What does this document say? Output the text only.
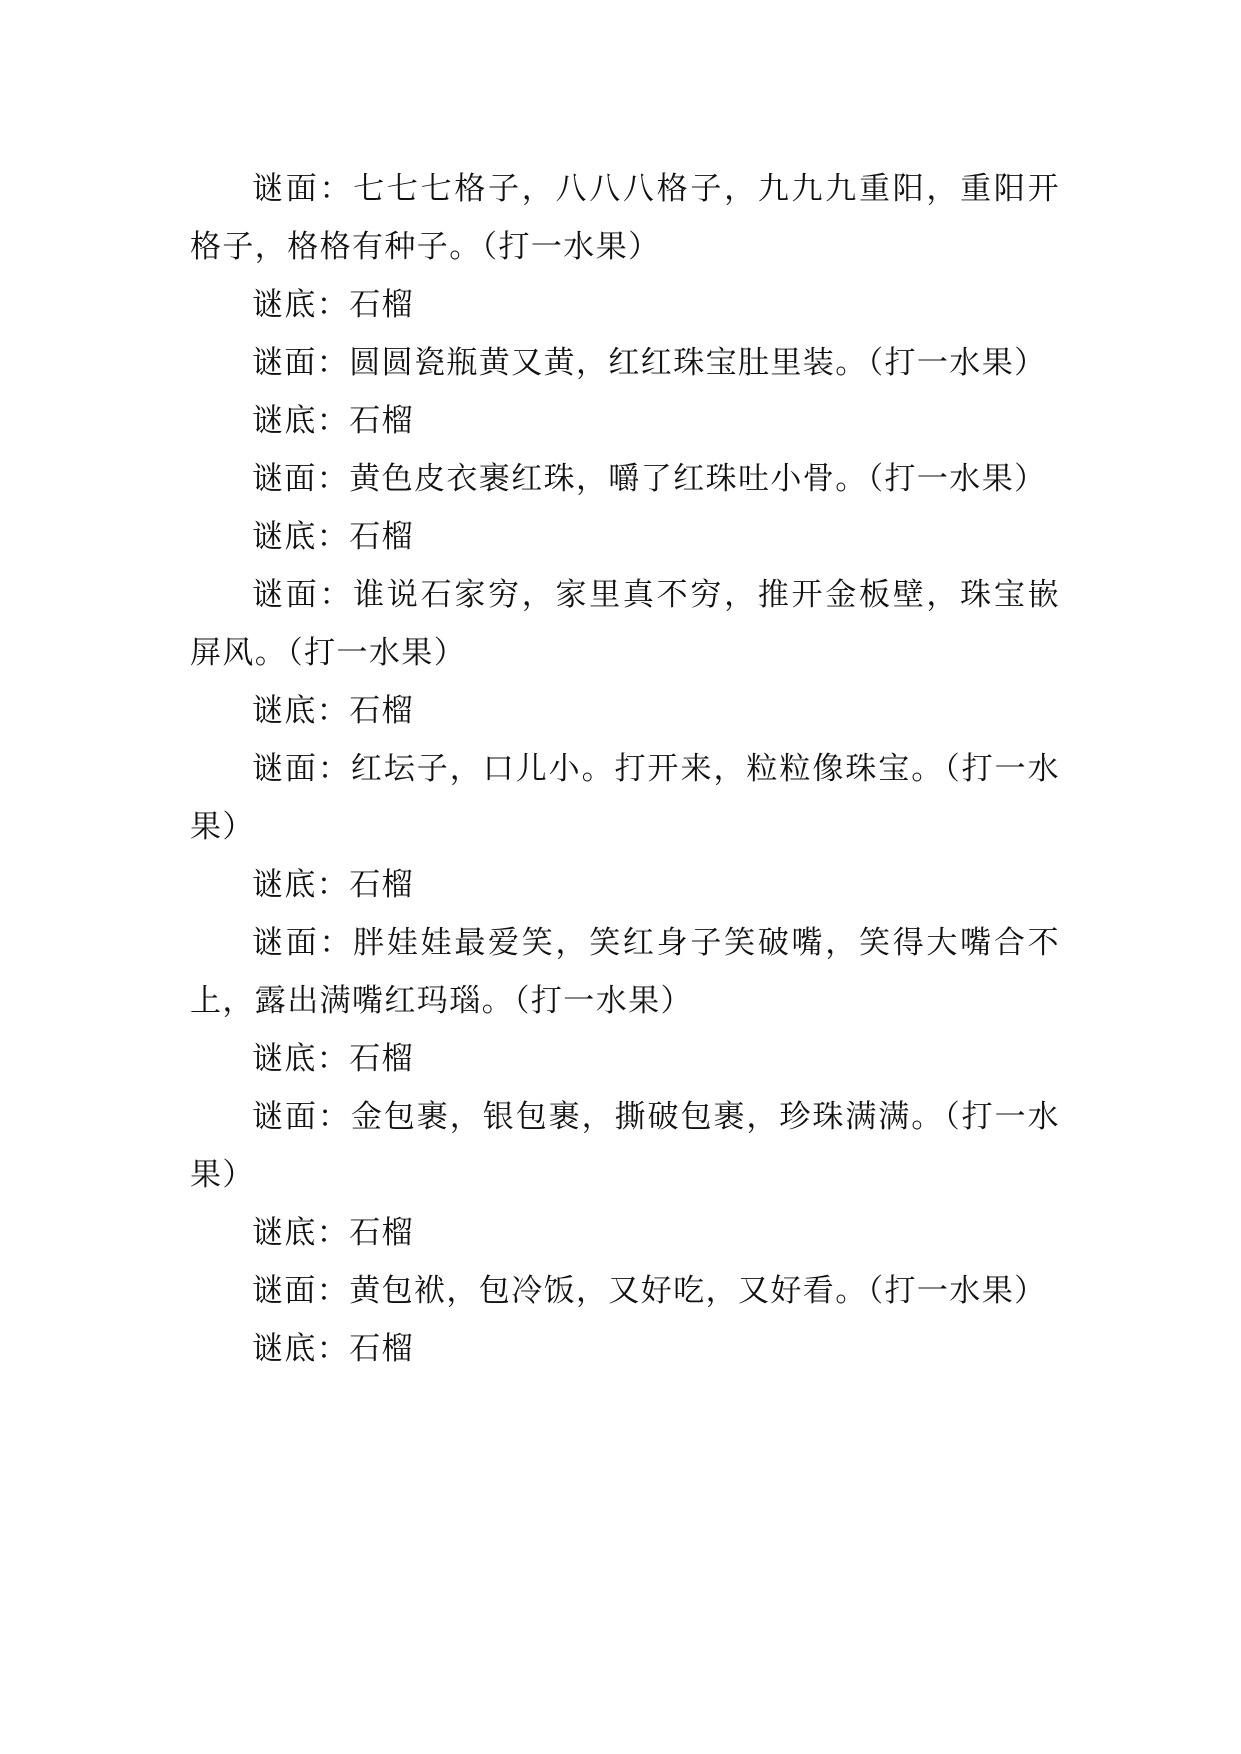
谜面：七七七格子，八八八格子，九九九重阳，重阳开格子，格格有种子。（打一水果）

谜底：石榴

谜面：圆圆瓷瓶黄又黄，红红珠宝肚里装。（打一水果）

谜底：石榴

谜面：黄色皮衣裹红珠，嚼了红珠吐小骨。（打一水果）

谜底：石榴

谜面：谁说石家穷，家里真不穷，推开金板壁，珠宝嵌屏风。（打一水果）

谜底：石榴

谜面：红坛子，口儿小。打开来，粒粒像珠宝。（打一水果）

谜底：石榴

谜面：胖娃娃最爱笑，笑红身子笑破嘴，笑得大嘴合不上，露出满嘴红玛瑙。（打一水果）

谜底：石榴

谜面：金包裹，银包裹，撕破包裹，珍珠满满。（打一水果）

谜底：石榴

谜面：黄包袱，包冷饭，又好吃，又好看。（打一水果）

谜底：石榴
